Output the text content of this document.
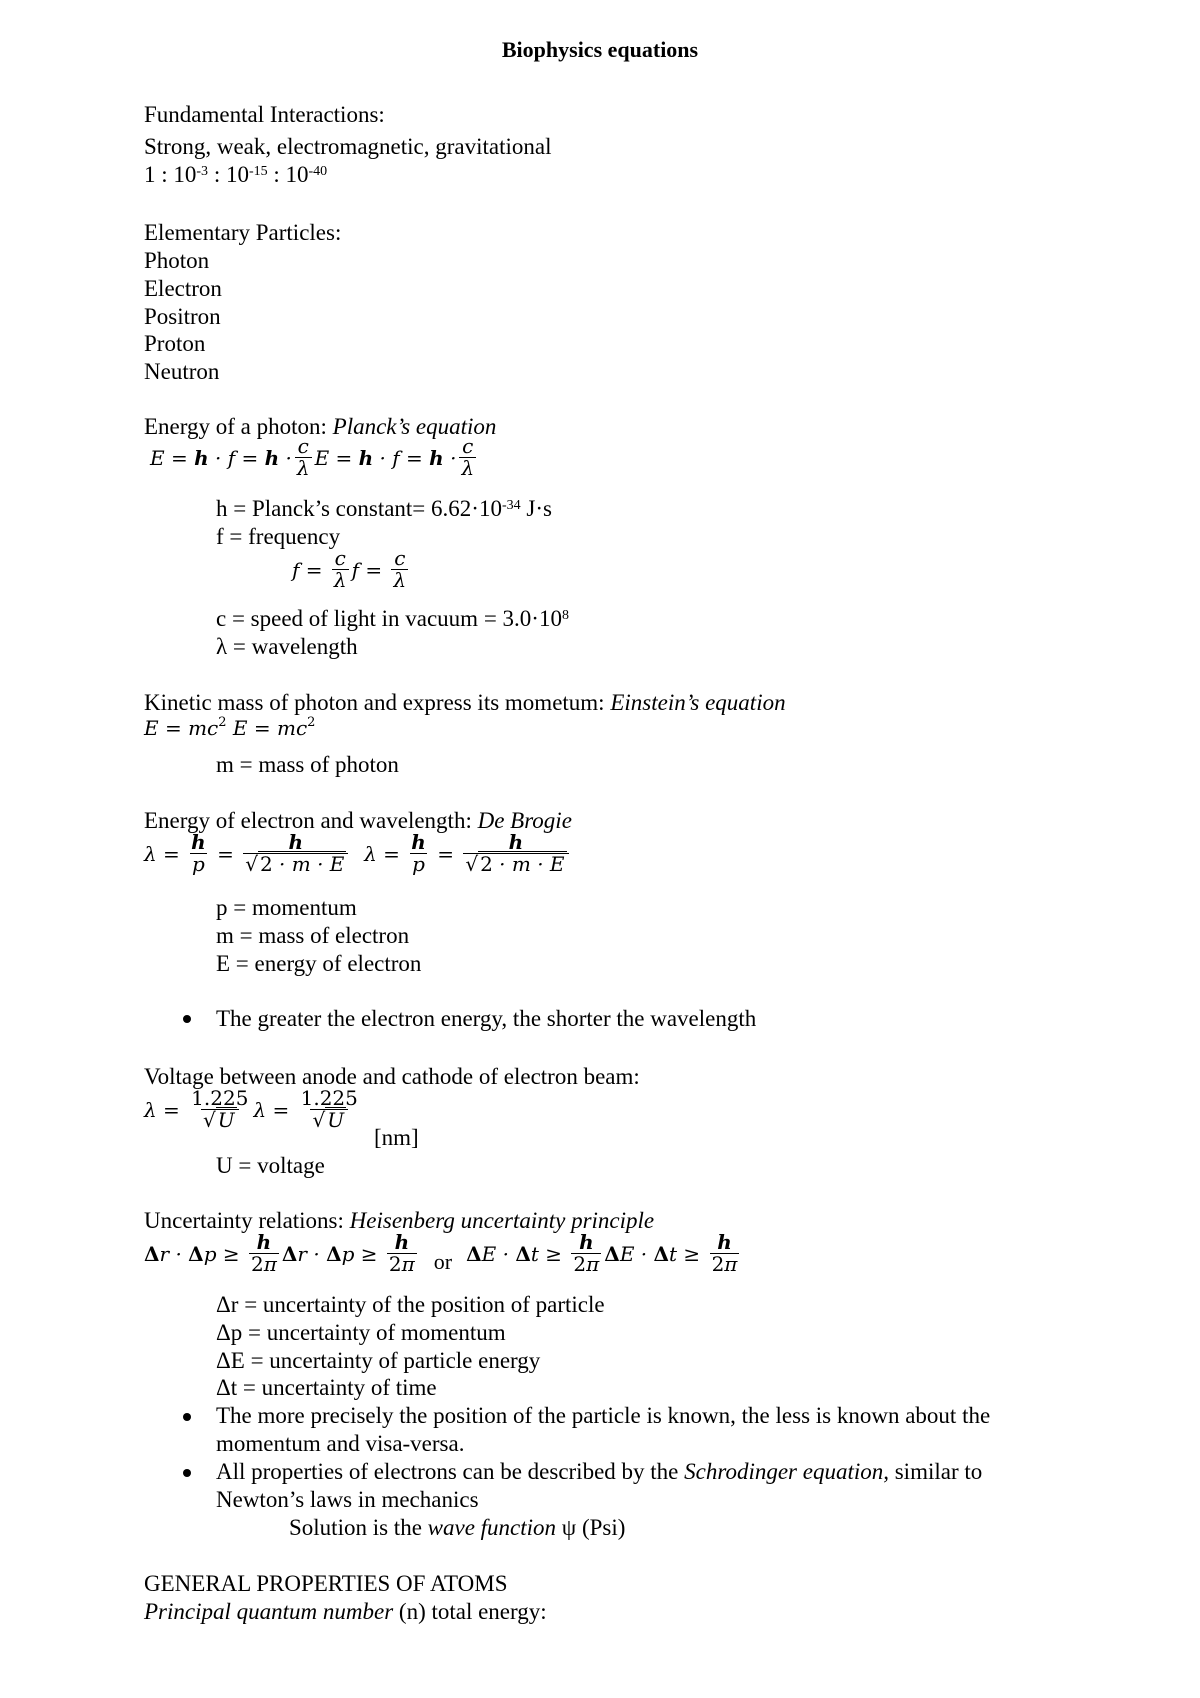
Biophysics equations
Fundamental Interactions:
Strong, weak, electromagnetic, gravitational
1 : $10^{-3}$ : $10^{-15}$ : $10^{-40}$
Elementary Particles:
Photon
Electron
Positron
Proton
Neutron
Energy of a photon: Planck’s equation
$E = h \cdot f = h \cdot \frac{c}{\lambda}$ $E = h \cdot f = h \cdot \frac{c}{\lambda}$
h = Planck’s constant= $6.62\cdot 10^{-34}$ J·s
f = frequency
$f = \frac{c}{\lambda}$ $f = \frac{c}{\lambda}$
c = speed of light in vacuum = $3.0\cdot 10^8$
λ = wavelength
Kinetic mass of photon and express its mometum: Einstein’s equation
$E = mc^2$
$E = mc^2$
m = mass of photon
Energy of electron and wavelength: De Brogie
$\lambda = \frac{h}{p} = \frac{h}{√ 2 \cdot m \cdot E}$
$\lambda = \frac{h}{p} = \frac{h}{√ 2 \cdot m \cdot E}$
p = momentum
m = mass of electron
E = energy of electron
The greater the electron energy, the shorter the wavelength
Voltage between anode and cathode of electron beam:
$\lambda = \frac{1.225}{√ U}$ $\lambda = \frac{1.225}{√ U}$
[nm]
U = voltage
Uncertainty relations: Heisenberg uncertainty principle
Δ r · Δ $p \ge \frac{h}{2\pi}$ Δ r · Δ $p \ge \frac{h}{2\pi}$ or Δ E · Δ $t \ge \frac{h}{2\pi}$ Δ E · Δ $t \ge \frac{h}{2\pi}$
Δr = uncertainty of the position of particle
Δp = uncertainty of momentum
ΔE = uncertainty of particle energy
Δt = uncertainty of time
The more precisely the position of the particle is known, the less is known about the
momentum and visa-versa.
All properties of electrons can be described by the Schrodinger equation, similar to
Newton’s laws in mechanics
Solution is the wave function ψ (Psi)
GENERAL PROPERTIES OF ATOMS
Principal quantum number (n) total energy:
